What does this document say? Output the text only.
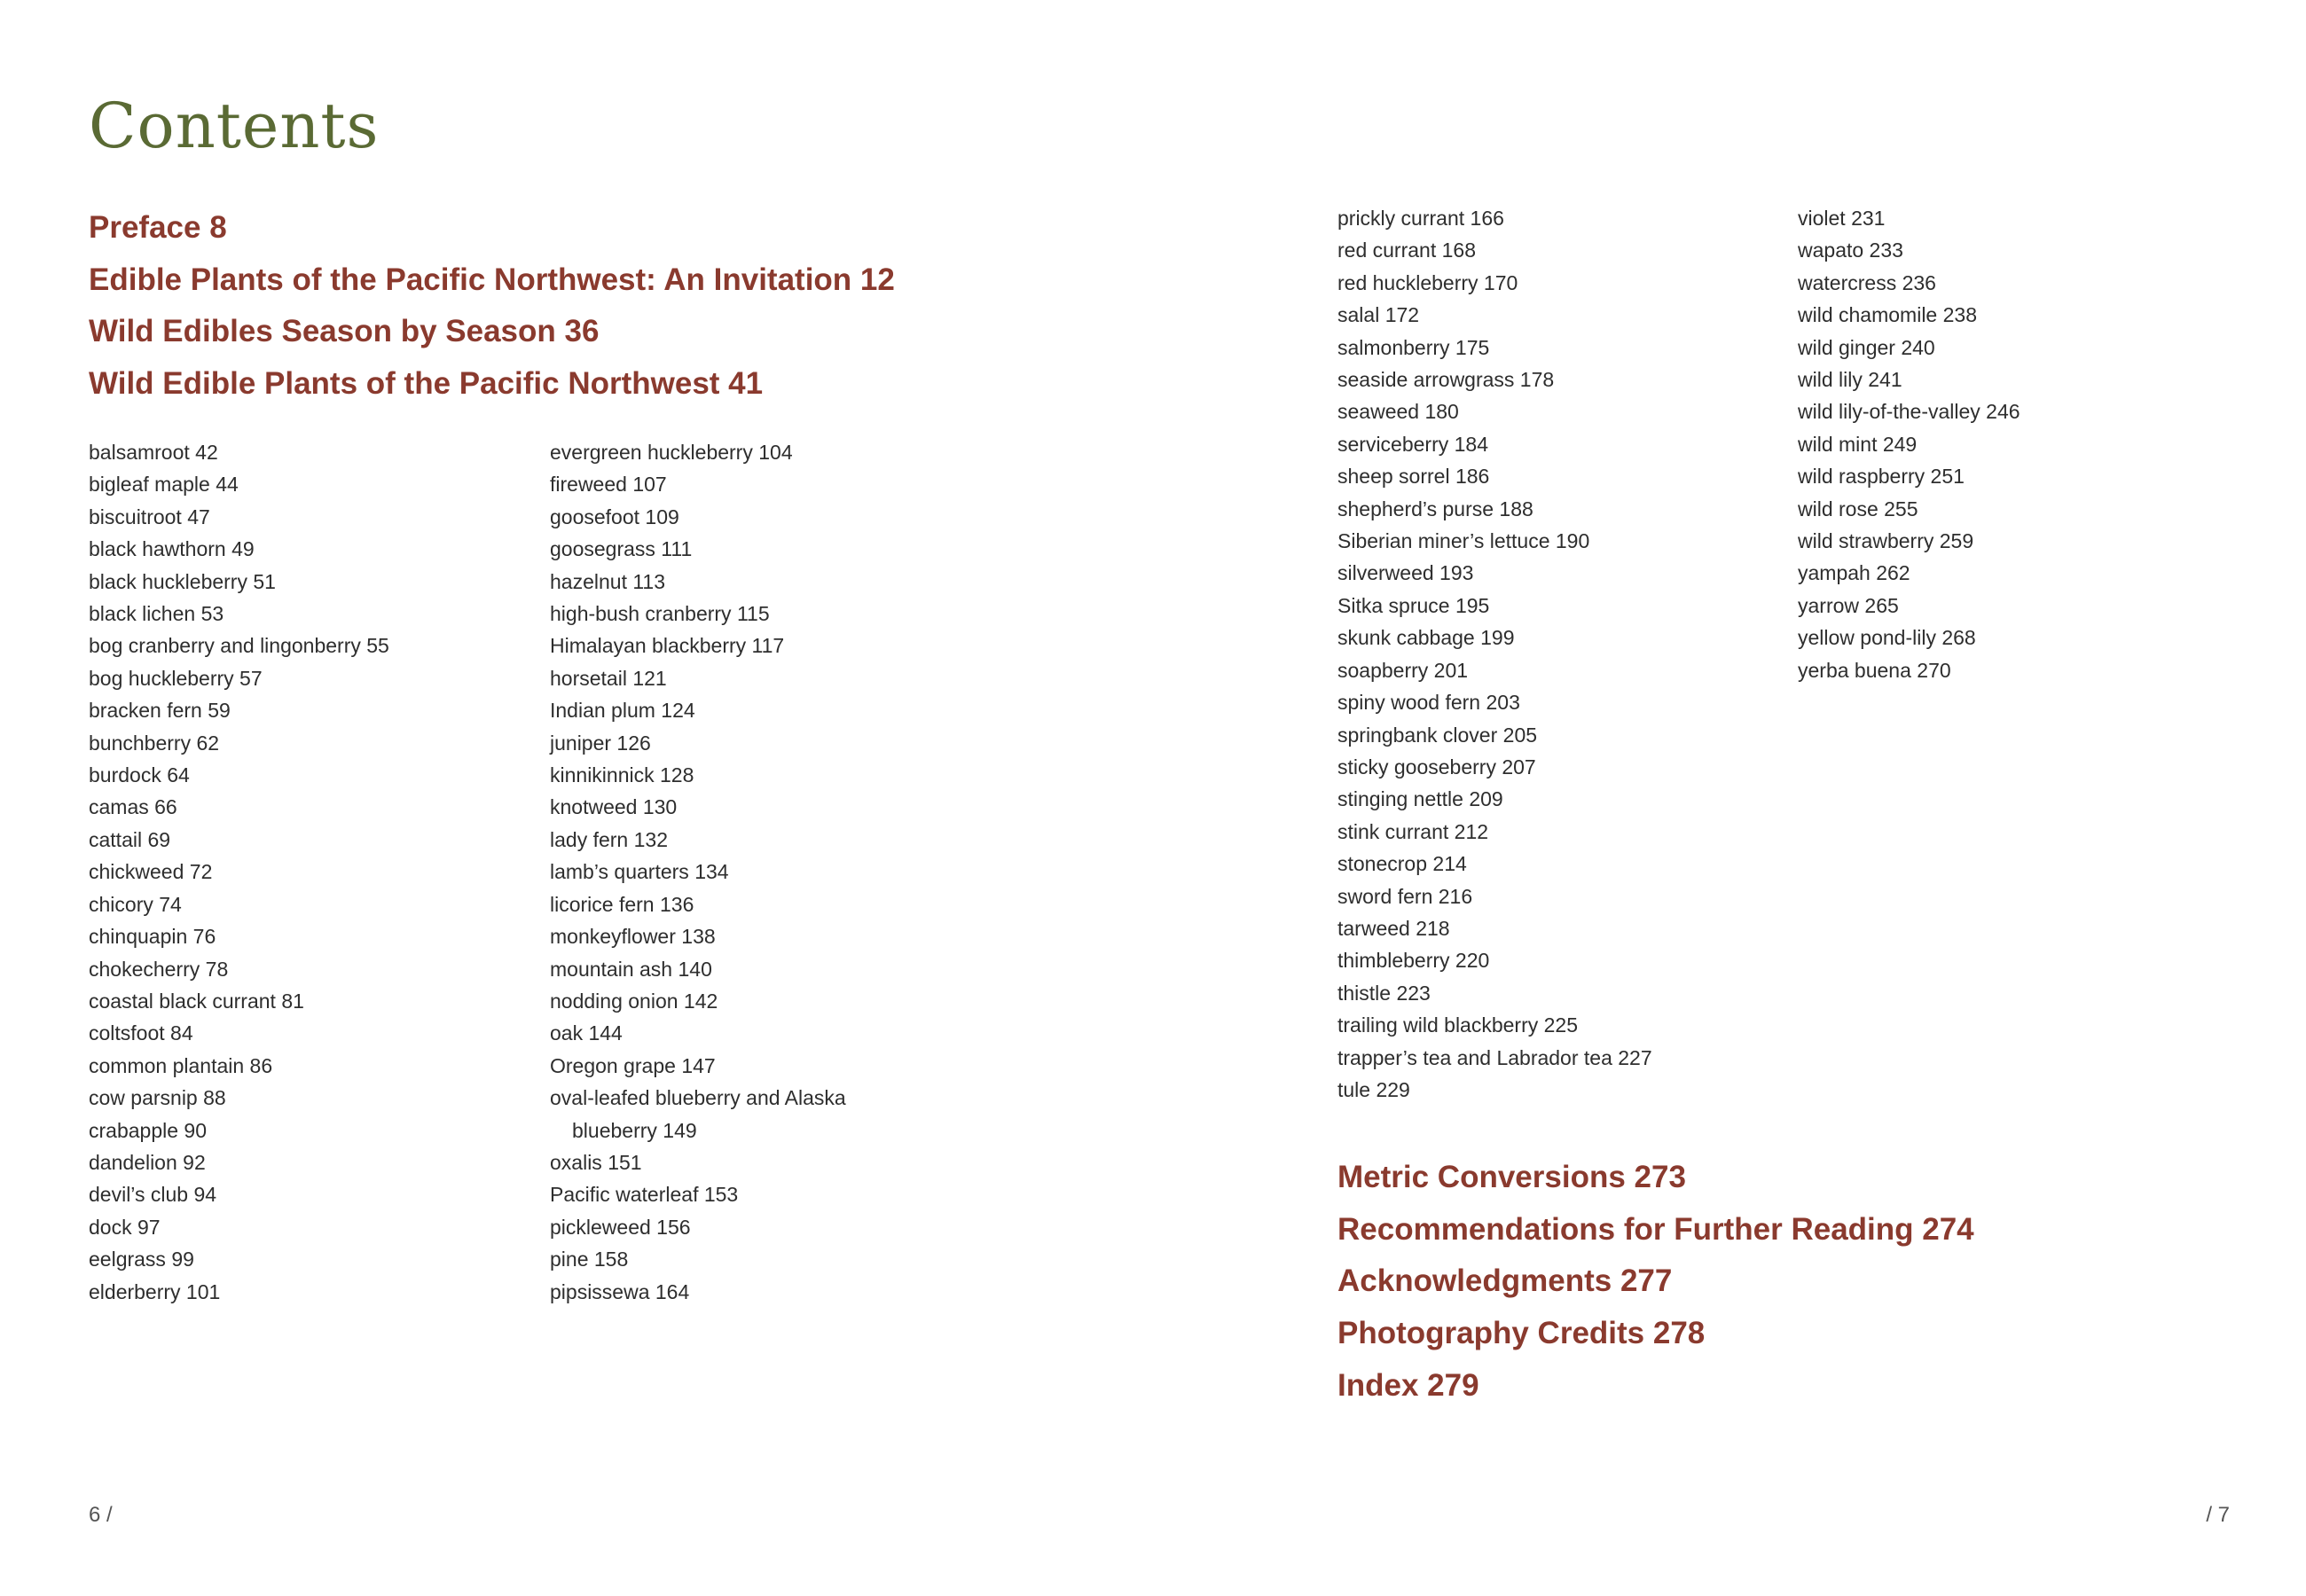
Contents
Preface 8
Edible Plants of the Pacific Northwest: An Invitation 12
Wild Edibles Season by Season 36
Wild Edible Plants of the Pacific Northwest 41
balsamroot 42
bigleaf maple 44
biscuitroot 47
black hawthorn 49
black huckleberry 51
black lichen 53
bog cranberry and lingonberry 55
bog huckleberry 57
bracken fern 59
bunchberry 62
burdock 64
camas 66
cattail 69
chickweed 72
chicory 74
chinquapin 76
chokecherry 78
coastal black currant 81
coltsfoot 84
common plantain 86
cow parsnip 88
crabapple 90
dandelion 92
devil’s club 94
dock 97
eelgrass 99
elderberry 101
evergreen huckleberry 104
fireweed 107
goosefoot 109
goosegrass 111
hazelnut 113
high-bush cranberry 115
Himalayan blackberry 117
horsetail 121
Indian plum 124
juniper 126
kinnikinnick 128
knotweed 130
lady fern 132
lamb’s quarters 134
licorice fern 136
monkeyflower 138
mountain ash 140
nodding onion 142
oak 144
Oregon grape 147
oval-leafed blueberry and Alaska
blueberry 149
oxalis 151
Pacific waterleaf 153
pickleweed 156
pine 158
pipsissewa 164
prickly currant 166
red currant 168
red huckleberry 170
salal 172
salmonberry 175
seaside arrowgrass 178
seaweed 180
serviceberry 184
sheep sorrel 186
shepherd’s purse 188
Siberian miner’s lettuce 190
silverweed 193
Sitka spruce 195
skunk cabbage 199
soapberry 201
spiny wood fern 203
springbank clover 205
sticky gooseberry 207
stinging nettle 209
stink currant 212
stonecrop 214
sword fern 216
tarweed 218
thimbleberry 220
thistle 223
trailing wild blackberry 225
trapper’s tea and Labrador tea 227
tule 229
violet 231
wapato 233
watercress 236
wild chamomile 238
wild ginger 240
wild lily 241
wild lily-of-the-valley 246
wild mint 249
wild raspberry 251
wild rose 255
wild strawberry 259
yampah 262
yarrow 265
yellow pond-lily 268
yerba buena 270
Metric Conversions 273
Recommendations for Further Reading 274
Acknowledgments 277
Photography Credits 278
Index 279
6 /	/ 7
